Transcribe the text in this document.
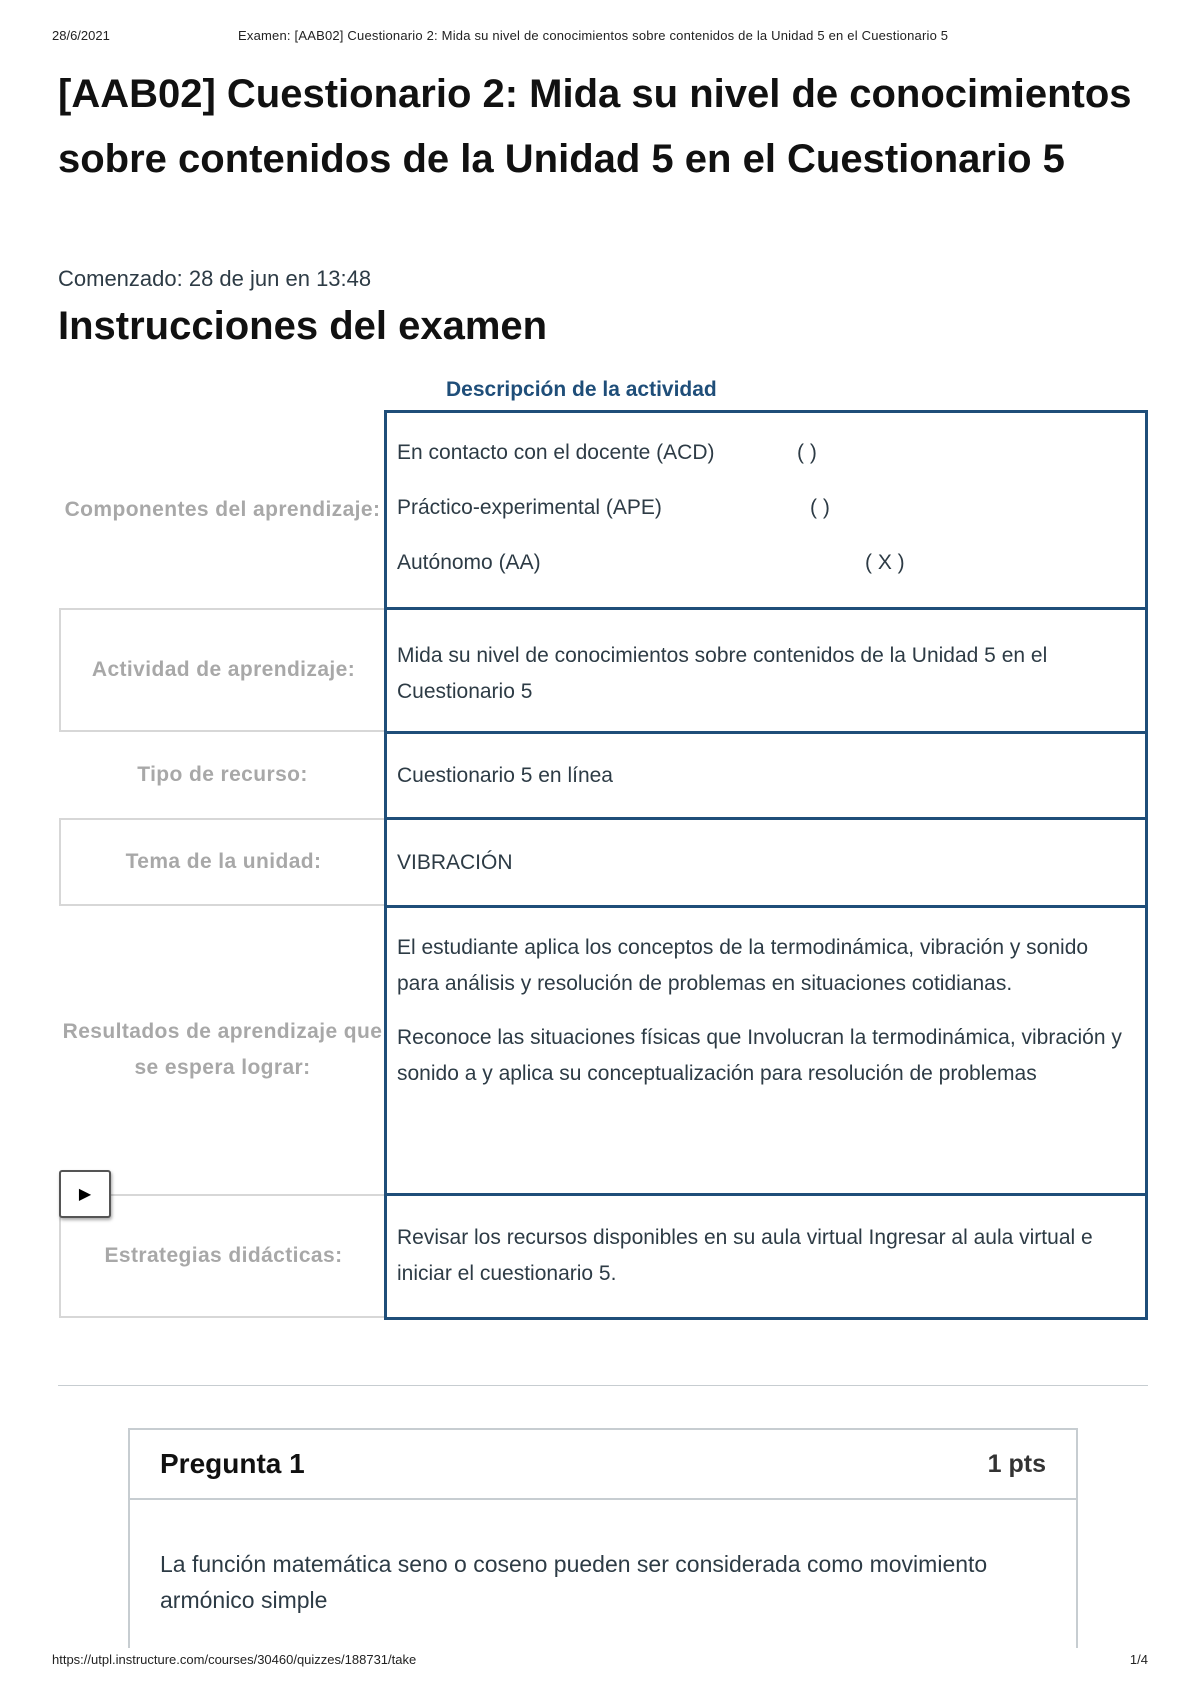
28/6/2021	Examen: [AAB02] Cuestionario 2: Mida su nivel de conocimientos sobre contenidos de la Unidad 5 en el Cuestionario 5
[AAB02] Cuestionario 2: Mida su nivel de conocimientos sobre contenidos de la Unidad 5 en el Cuestionario 5
Comenzado: 28 de jun en 13:48
Instrucciones del examen
Descripción de la actividad
Componentes del aprendizaje:
En contacto con el docente (ACD)	( )
Práctico-experimental (APE)	( )
Autónomo (AA)	( X )
Actividad de aprendizaje:
Mida su nivel de conocimientos sobre contenidos de la Unidad 5 en el Cuestionario 5
Tipo de recurso:	Cuestionario 5 en línea
Tema de la unidad:	VIBRACIÓN
Resultados de aprendizaje que se espera lograr:

El estudiante aplica los conceptos de la termodinámica, vibración y sonido para análisis y resolución de problemas en situaciones cotidianas.

Reconoce las situaciones físicas que Involucran la termodinámica, vibración y sonido a y aplica su conceptualización para resolución de problemas

Estrategias didácticas:
Revisar los recursos disponibles en su aula virtual Ingresar al aula virtual e iniciar el cuestionario 5.
▶
Pregunta 1	1 pts
La función matemática seno o coseno pueden ser considerada como movimiento armónico simple
https://utpl.instructure.com/courses/30460/quizzes/188731/take	1/4
